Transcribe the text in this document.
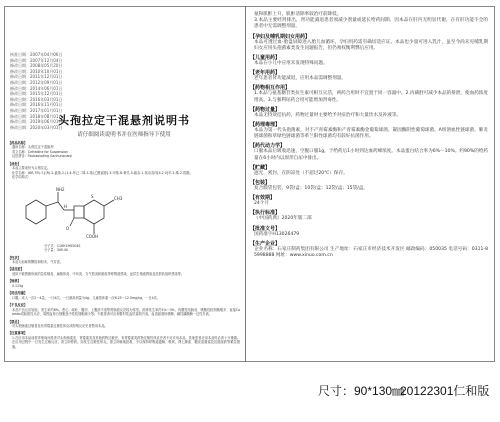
核准日期：2007年04月06日
修改日期：2007年12月04日
修改日期：2008年05月20日
修改日期：2010年10月01日
修改日期：2011年12月01日
修改日期：2012年09月01日
修改日期：2014年06月01日
修改日期：2015年12月01日
修改日期：2016年03月01日
修改日期：2016年11月01日
修改日期：2017年01月01日
修改日期：2018年08月01日
修改日期：2019年06月01日
修改日期：2020年03月01日
头孢拉定干混悬剂说明书
请仔细阅读说明书并在医师指导下使用
【药品名称】
通用名称：头孢拉定干混悬剂
英文名称：Cefradine for Suspension
汉语拼音：Toubaolading Ganhunxuanji
【成份】
本品主要成份为头孢拉定。
化学名称：(6R,7R)-7-[(R)-2-氨基-2-(1,4-环己二烯-1-基)乙酰氨基]-3-甲基-8-氧代-5-硫杂-1-氮杂双环[4.2.0]辛-2-烯-2-羧酸。
化学结构式：
NH2
S	CH3
COOH
O
H
分子式：C16H19N3O4S
分子量：349.40
【性状】
本品为加味的颗粒和粉末，气芳香。
【适应症】
适用于敏感菌所致的急性咽炎、扁桃体炎、中耳炎、支气管炎和肺炎等呼吸道感染、泌尿生殖道感染及皮肤软组织感染等。
【规格】
0.125g
【用法用量】
口服。成人一次2～4袋，一日4次。一日最高剂量为4g。儿童按体重一次6.25～12.5mg/kg，一日4次。
【不良反应】
本品不良反应较轻，发生率约6%。恶心、呕吐、腹泻、上腹部不适等胃肠道反应较为常见。药疹发生率约1%～3%，伪膜性结肠炎、嗜酸性粒细胞增多、直接Coombs试验阳性反应、周围血象白细胞及中性粒细胞减少等。少数患者可出现暂时性血尿素氮升高，血清氨基转移酶、碱性磷酸酶一过性升高。
【禁忌】
对头孢菌素过敏者及有青霉素过敏性休克或即刻反应史者禁用本品。
【注意事项】
1.在应用本品前需详细询问患者对头孢菌素类、青霉素类及其他药物过敏史，有青霉素类药物过敏性休克史者不可应用本品。其他患者应用本品时必须十分谨慎。在应用过程中一旦发生过敏反应，须立即停药。如发生过敏性休克，需立即就地抢救，予以保持呼吸道通畅、吸氧，肾上腺素、糖皮质激素及抗组胺药等紧急措施。
氨和肌酐上升，肌酐清除率较治疗前降低。
3.本品主要经肾排出，肾功能减退患者须减少剂量或延长给药间期。因本品在肝内无明显代谢，在有肝功能不全的患者中无需调整剂量。
【孕妇及哺乳期妇女用药】
本品可透过血-胎盘屏障进入胎儿血循环，孕妇用药需有确切适应证。本品也少量可进入乳汁，虽至今尚未见哺乳期妇女应用头孢菌素类发生问题报告，但仍须权衡利弊后应用。
【儿童用药】
本品在小儿中应用未发现特殊问题。
【老年用药】
老年患者肾功能减退，应用本品需调整剂量。
【药物相互作用】
1.本品与氨基糖苷类抗生素可相互灭活，两药合用时不宜置于同一容器中。2.丙磺舒可减少本品的排泄，使血药浓度增高。3.与强利尿药合用可能增加肾毒性。
【药物过量】
本品无特效拮抗药，药物过量时主要给予对症治疗和大量饮水及补液等。
【药理毒理】
本品为第一代头孢菌素，对不产青霉素酶和产青霉素酶金葡萄球菌、凝固酶阴性葡萄球菌、A组溶血性链球菌、肺炎链球菌和草绿色链球菌等革兰阳性球菌均有较好抗菌作用。
【药代动力学】
口服本品后吸收迅速，空腹口服1g，于给药后1小时到达血药峰浓度。本品蛋白结合率为6%～10%。约90%的给药量在6小时内以原形自尿中排出。
【贮藏】
遮光，密封，在阴凉处（不超过20℃）保存。
【包装】
复合膜袋包装，9袋/盒；10袋/盒；12袋/盒；15袋/盒。
【有效期】
24个月
【执行标准】
《中国药典》2020年版二部
【批准文号】
国药准字H13026479
【生产企业】
企业名称：石家庄制药集团有限公司 生产地址：石家庄市经济技术开发区 邮政编码：050035 电话号码：0311-85998888 网址：www.xinuo.com.cn
尺寸：90*130㎜
20122301仁和版
